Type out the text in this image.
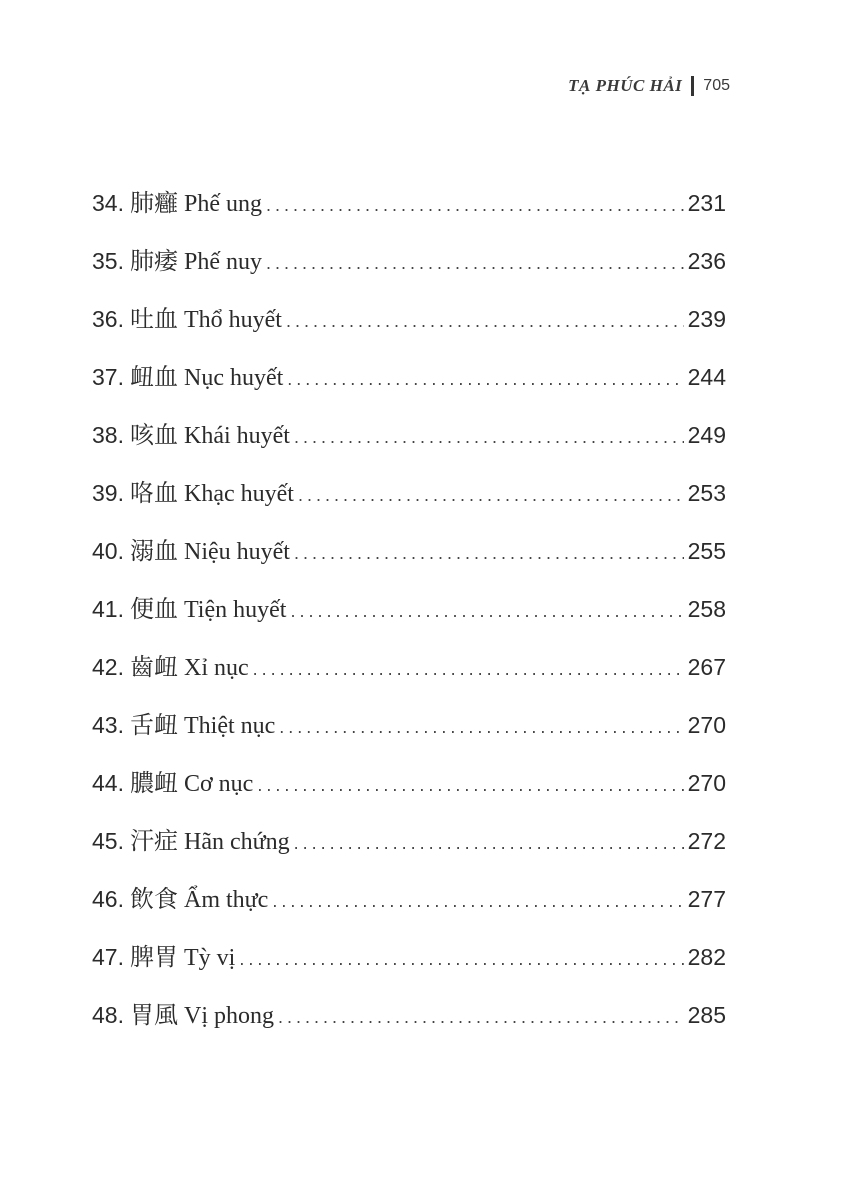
TẠ PHÚC HẢI 705
34. 肺癰 Phế ung .....	231
35. 肺痿 Phế nuy .....	236
36. 吐血 Thổ huyết .....	239
37. 衄血 Nục huyết .....	244
38. 咳血 Khái huyết .....	249
39. 咯血 Khạc huyết .....	253
40. 溺血 Niệu huyết .....	255
41. 便血 Tiện huyết .....	258
42. 齒衄 Xỉ nục .....	267
43. 舌衄 Thiệt nục .....	270
44. 膿衄 Cơ nục .....	270
45. 汗症 Hãn chứng .....	272
46. 飲食 Ẩm thực .....	277
47. 脾胃 Tỳ vị .....	282
48. 胃風 Vị phong .....	285
